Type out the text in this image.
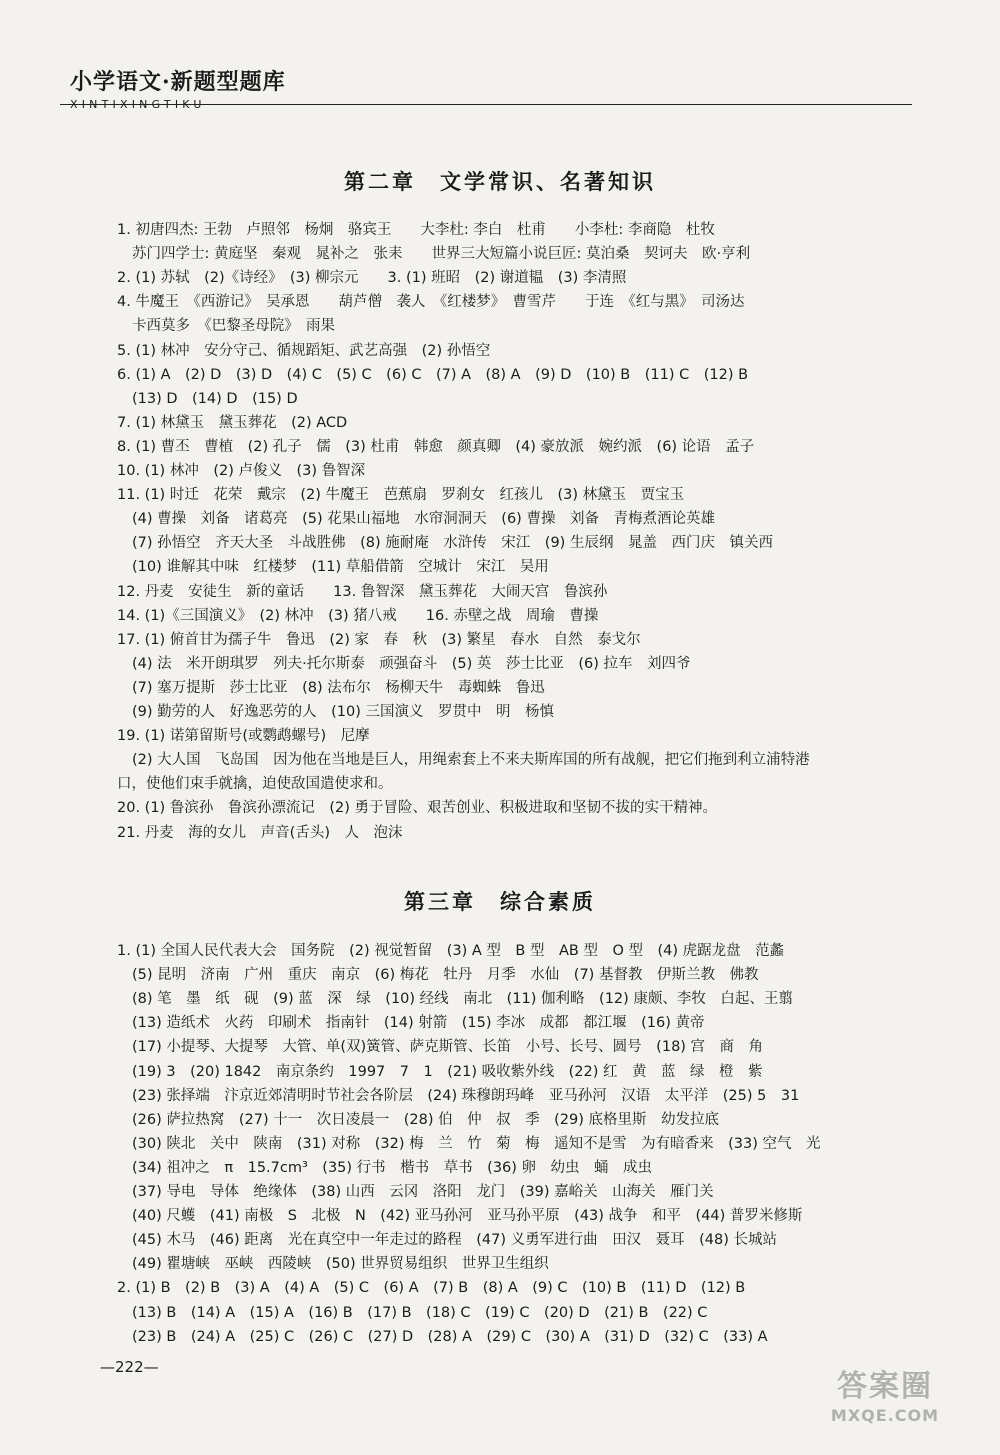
小学语文·新题型题库
XINTIXINGTIKU
第二章　文学常识、名著知识
1. 初唐四杰: 王勃　卢照邻　杨炯　骆宾王　　大李杜: 李白　杜甫　　小李杜: 李商隐　杜牧
苏门四学士: 黄庭坚　秦观　晁补之　张耒　　世界三大短篇小说巨匠: 莫泊桑　契诃夫　欧·亨利
2. (1) 苏轼　(2)《诗经》　(3) 柳宗元　　3. (1) 班昭　(2) 谢道韫　(3) 李清照
4. 牛魔王　《西游记》　吴承恩　　葫芦僧　袭人　《红楼梦》　曹雪芹　　于连　《红与黑》　司汤达
卡西莫多　《巴黎圣母院》　雨果
5. (1) 林冲　安分守己、循规蹈矩、武艺高强　(2) 孙悟空
6. (1) A　(2) D　(3) D　(4) C　(5) C　(6) C　(7) A　(8) A　(9) D　(10) B　(11) C　(12) B
(13) D　(14) D　(15) D
7. (1) 林黛玉　黛玉葬花　(2) ACD
8. (1) 曹丕　曹植　(2) 孔子　儒　(3) 杜甫　韩愈　颜真卿　(4) 豪放派　婉约派　(6) 论语　孟子
10. (1) 林冲　(2) 卢俊义　(3) 鲁智深
11. (1) 时迁　花荣　戴宗　(2) 牛魔王　芭蕉扇　罗刹女　红孩儿　(3) 林黛玉　贾宝玉
(4) 曹操　刘备　诸葛亮　(5) 花果山福地　水帘洞洞天　(6) 曹操　刘备　青梅煮酒论英雄
(7) 孙悟空　齐天大圣　斗战胜佛　(8) 施耐庵　水浒传　宋江　(9) 生辰纲　晁盖　西门庆　镇关西
(10) 谁解其中味　红楼梦　(11) 草船借箭　空城计　宋江　吴用
12. 丹麦　安徒生　新的童话　　13. 鲁智深　黛玉葬花　大闹天宫　鲁滨孙
14. (1)《三国演义》　(2) 林冲　(3) 猪八戒　　16. 赤壁之战　周瑜　曹操
17. (1) 俯首甘为孺子牛　鲁迅　(2) 家　春　秋　(3) 繁星　春水　自然　泰戈尔
(4) 法　米开朗琪罗　列夫·托尔斯泰　顽强奋斗　(5) 英　莎士比亚　(6) 拉车　刘四爷
(7) 塞万提斯　莎士比亚　(8) 法布尔　杨柳天牛　毒蜘蛛　鲁迅
(9) 勤劳的人　好逸恶劳的人　(10) 三国演义　罗贯中　明　杨慎
19. (1) 诺第留斯号(或鹦鹉螺号)　尼摩
(2) 大人国　飞岛国　因为他在当地是巨人，用绳索套上不来夫斯库国的所有战舰，把它们拖到利立浦特港
口，使他们束手就擒，迫使敌国遣使求和。
20. (1) 鲁滨孙　鲁滨孙漂流记　(2) 勇于冒险、艰苦创业、积极进取和坚韧不拔的实干精神。
21. 丹麦　海的女儿　声音(舌头)　人　泡沫
第三章　综合素质
1. (1) 全国人民代表大会　国务院　(2) 视觉暂留　(3) A 型　B 型　AB 型　O 型　(4) 虎踞龙盘　范蠡
(5) 昆明　济南　广州　重庆　南京　(6) 梅花　牡丹　月季　水仙　(7) 基督教　伊斯兰教　佛教
(8) 笔　墨　纸　砚　(9) 蓝　深　绿　(10) 经线　南北　(11) 伽利略　(12) 康颇、李牧　白起、王翦
(13) 造纸术　火药　印刷术　指南针　(14) 射箭　(15) 李冰　成都　都江堰　(16) 黄帝
(17) 小提琴、大提琴　大管、单(双)簧管、萨克斯管、长笛　小号、长号、圆号　(18) 宫　商　角
(19) 3　(20) 1842　南京条约　1997　7　1　(21) 吸收紫外线　(22) 红　黄　蓝　绿　橙　紫
(23) 张择端　汴京近郊清明时节社会各阶层　(24) 珠穆朗玛峰　亚马孙河　汉语　太平洋　(25) 5　31
(26) 萨拉热窝　(27) 十一　次日凌晨一　(28) 伯　仲　叔　季　(29) 底格里斯　幼发拉底
(30) 陕北　关中　陕南　(31) 对称　(32) 梅　兰　竹　菊　梅　遥知不是雪　为有暗香来　(33) 空气　光
(34) 祖冲之　π　15.7cm³　(35) 行书　楷书　草书　(36) 卵　幼虫　蛹　成虫
(37) 导电　导体　绝缘体　(38) 山西　云冈　洛阳　龙门　(39) 嘉峪关　山海关　雁门关
(40) 尺蠖　(41) 南极　S　北极　N　(42) 亚马孙河　亚马孙平原　(43) 战争　和平　(44) 普罗米修斯
(45) 木马　(46) 距离　光在真空中一年走过的路程　(47) 义勇军进行曲　田汉　聂耳　(48) 长城站
(49) 瞿塘峡　巫峡　西陵峡　(50) 世界贸易组织　世界卫生组织
2. (1) B　(2) B　(3) A　(4) A　(5) C　(6) A　(7) B　(8) A　(9) C　(10) B　(11) D　(12) B
(13) B　(14) A　(15) A　(16) B　(17) B　(18) C　(19) C　(20) D　(21) B　(22) C
(23) B　(24) A　(25) C　(26) C　(27) D　(28) A　(29) C　(30) A　(31) D　(32) C　(33) A
—222—
答案圈
MXQE.COM
